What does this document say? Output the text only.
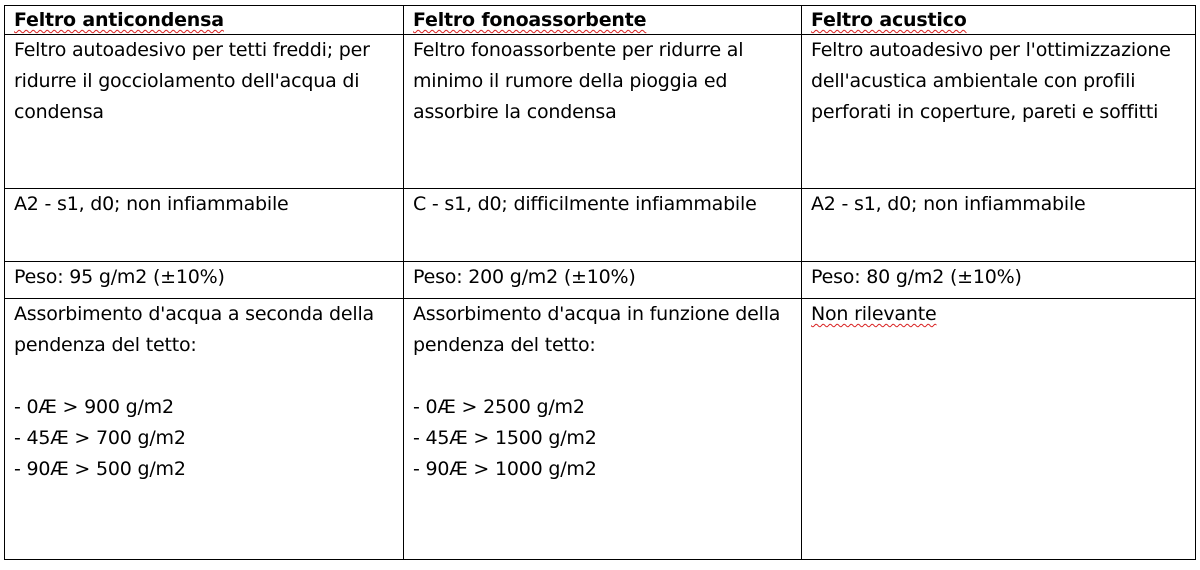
Feltro anticondensa	Feltro fonoassorbente	Feltro acustico
Feltro autoadesivo per tetti freddi; per ridurre il gocciolamento dell'acqua di condensa	Feltro fonoassorbente per ridurre al minimo il rumore della pioggia ed assorbire la condensa	Feltro autoadesivo per l'ottimizzazione dell'acustica ambientale con profili perforati in coperture, pareti e soffitti
A2 - s1, d0; non infiammabile	C - s1, d0; difficilmente infiammabile	A2 - s1, d0; non infiammabile
Peso: 95 g/m2 (±10%)	Peso: 200 g/m2 (±10%)	Peso: 80 g/m2 (±10%)

Assorbimento d'acqua a seconda della pendenza del tetto:
- 0Æ > 900 g/m2
- 45Æ > 700 g/m2
- 90Æ > 500 g/m2	Assorbimento d'acqua in funzione della pendenza del tetto:
- 0Æ > 2500 g/m2
- 45Æ > 1500 g/m2
- 90Æ > 1000 g/m2	Non rilevante
